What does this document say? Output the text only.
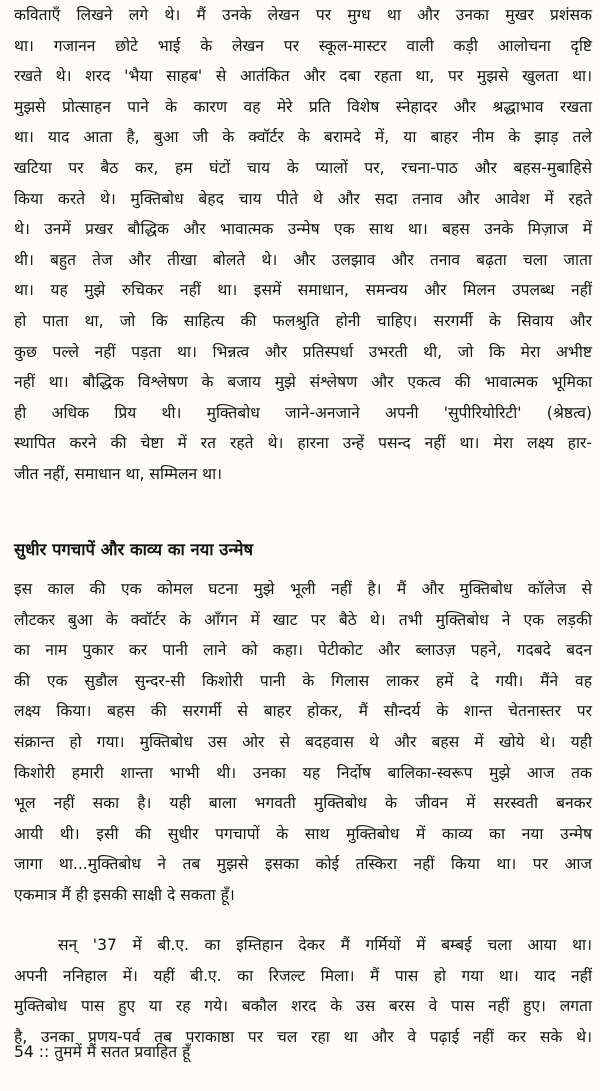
कविताएँ लिखने लगे थे। मैं उनके लेखन पर मुग्ध था और उनका मुखर प्रशंसक
था। गजानन छोटे भाई के लेखन पर स्कूल-मास्टर वाली कड़ी आलोचना दृष्टि
रखते थे। शरद 'भैया साहब' से आतंकित और दबा रहता था, पर मुझसे खुलता था।
मुझसे प्रोत्साहन पाने के कारण वह मेरे प्रति विशेष स्नेहादर और श्रद्धाभाव रखता
था। याद आता है, बुआ जी के क्वॉर्टर के बरामदे में, या बाहर नीम के झाड़ तले
खटिया पर बैठ कर, हम घंटों चाय के प्यालों पर, रचना-पाठ और बहस-मुबाहिसे
किया करते थे। मुक्तिबोध बेहद चाय पीते थे और सदा तनाव और आवेश में रहते
थे। उनमें प्रखर बौद्धिक और भावात्मक उन्मेष एक साथ था। बहस उनके मिज़ाज में
थी। बहुत तेज और तीखा बोलते थे। और उलझाव और तनाव बढ़ता चला जाता
था। यह मुझे रुचिकर नहीं था। इसमें समाधान, समन्वय और मिलन उपलब्ध नहीं
हो पाता था, जो कि साहित्य की फलश्रुति होनी चाहिए। सरगर्मी के सिवाय और
कुछ पल्ले नहीं पड़ता था। भिन्नत्व और प्रतिस्पर्धा उभरती थी, जो कि मेरा अभीष्ट
नहीं था। बौद्धिक विश्लेषण के बजाय मुझे संश्लेषण और एकत्व की भावात्मक भूमिका
ही अधिक प्रिय थी। मुक्तिबोध जाने-अनजाने अपनी 'सुपीरियोरिटी' (श्रेष्ठत्व)
स्थापित करने की चेष्टा में रत रहते थे। हारना उन्हें पसन्द नहीं था। मेरा लक्ष्य हार-
जीत नहीं, समाधान था, सम्मिलन था।
सुधीर पगचापें और काव्य का नया उन्मेष
इस काल की एक कोमल घटना मुझे भूली नहीं है। मैं और मुक्तिबोध कॉलेज से
लौटकर बुआ के क्वॉर्टर के आँगन में खाट पर बैठे थे। तभी मुक्तिबोध ने एक लड़की
का नाम पुकार कर पानी लाने को कहा। पेटीकोट और ब्लाउज़ पहने, गदबदे बदन
की एक सुडौल सुन्दर-सी किशोरी पानी के गिलास लाकर हमें दे गयी। मैंने वह
लक्ष्य किया। बहस की सरगर्मी से बाहर होकर, मैं सौन्दर्य के शान्त चेतनास्तर पर
संक्रान्त हो गया। मुक्तिबोध उस ओर से बदहवास थे और बहस में खोये थे। यही
किशोरी हमारी शान्ता भाभी थी। उनका यह निर्दोष बालिका-स्वरूप मुझे आज तक
भूल नहीं सका है। यही बाला भगवती मुक्तिबोध के जीवन में सरस्वती बनकर
आयी थी। इसी की सुधीर पगचापों के साथ मुक्तिबोध में काव्य का नया उन्मेष
जागा था...मुक्तिबोध ने तब मुझसे इसका कोई तस्किरा नहीं किया था। पर आज
एकमात्र मैं ही इसकी साक्षी दे सकता हूँ।
सन् '37 में बी.ए. का इम्तिहान देकर मैं गर्मियों में बम्बई चला आया था।
अपनी ननिहाल में। यहीं बी.ए. का रिजल्ट मिला। मैं पास हो गया था। याद नहीं
मुक्तिबोध पास हुए या रह गये। बकौल शरद के उस बरस वे पास नहीं हुए। लगता
है, उनका प्रणय-पर्व तब पराकाष्ठा पर चल रहा था और वे पढ़ाई नहीं कर सके थे।
54 :: तुममें मैं सतत प्रवाहित हूँ
